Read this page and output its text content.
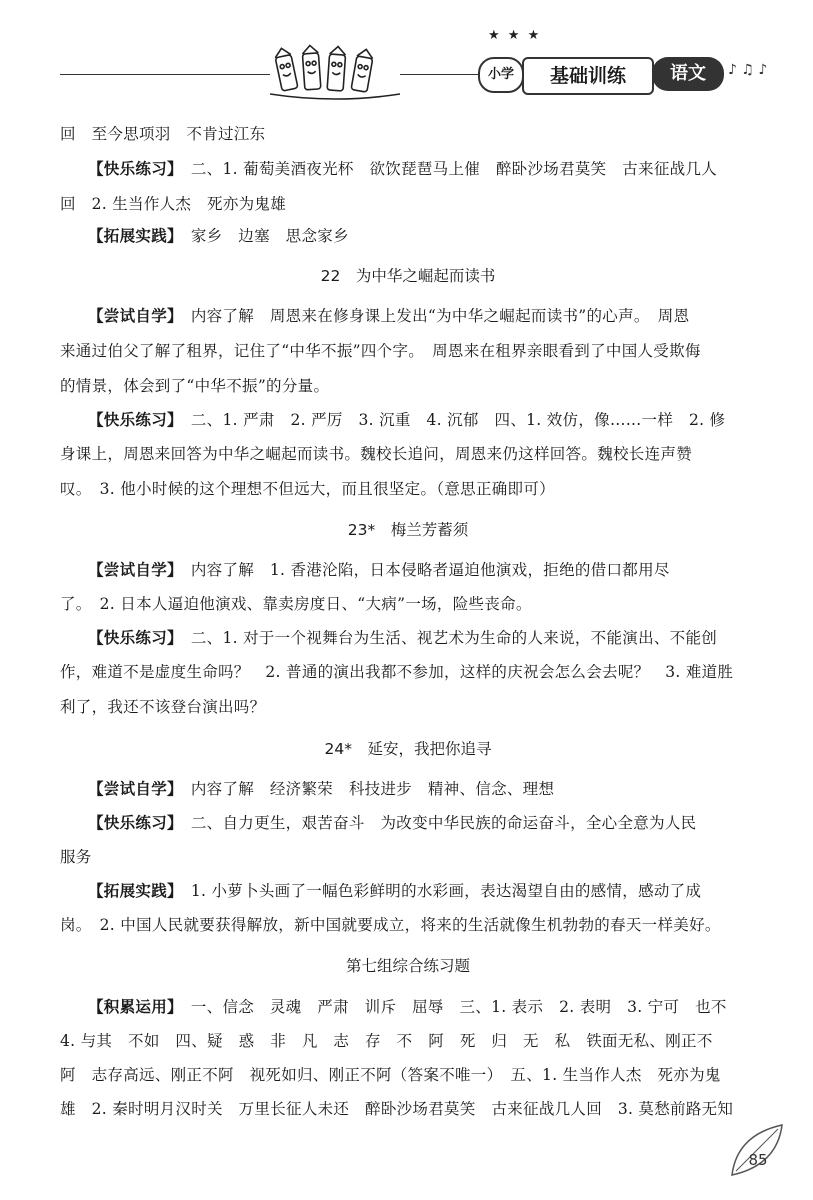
★ ★ ★
小学	基础训练	语文	♪ ♫ ♪
回　至今思项羽　不肯过江东
【快乐练习】　二、1. 葡萄美酒夜光杯　欲饮琵琶马上催　醉卧沙场君莫笑　古来征战几人
回　2. 生当作人杰　死亦为鬼雄
【拓展实践】　家乡　边塞　思念家乡
22　为中华之崛起而读书
【尝试自学】　内容了解　周恩来在修身课上发出“为中华之崛起而读书”的心声。　周恩
来通过伯父了解了租界，记住了“中华不振”四个字。　周恩来在租界亲眼看到了中国人受欺侮
的情景，体会到了“中华不振”的分量。
【快乐练习】　二、1. 严肃　2. 严厉　3. 沉重　4. 沉郁　四、1. 效仿，像……一样　2. 修
身课上，周恩来回答为中华之崛起而读书。魏校长追问，周恩来仍这样回答。魏校长连声赞
叹。　3. 他小时候的这个理想不但远大，而且很坚定。（意思正确即可）
23*　梅兰芳蓄须
【尝试自学】　内容了解　1. 香港沦陷，日本侵略者逼迫他演戏，拒绝的借口都用尽
了。　2. 日本人逼迫他演戏、靠卖房度日、“大病”一场，险些丧命。
【快乐练习】　二、1. 对于一个视舞台为生活、视艺术为生命的人来说，不能演出、不能创
作，难道不是虚度生命吗？　2. 普通的演出我都不参加，这样的庆祝会怎么会去呢？　3. 难道胜
利了，我还不该登台演出吗？
24*　延安，我把你追寻
【尝试自学】　内容了解　经济繁荣　科技进步　精神、信念、理想
【快乐练习】　二、自力更生，艰苦奋斗　为改变中华民族的命运奋斗，全心全意为人民
服务
【拓展实践】　1. 小萝卜头画了一幅色彩鲜明的水彩画，表达渴望自由的感情，感动了成
岗。　2. 中国人民就要获得解放，新中国就要成立，将来的生活就像生机勃勃的春天一样美好。
第七组综合练习题
【积累运用】　一、信念　灵魂　严肃　训斥　屈辱　三、1. 表示　2. 表明　3. 宁可　也不
4. 与其　不如　四、疑　惑　非　凡　志　存　不　阿　死　归　无　私　铁面无私、刚正不
阿　志存高远、刚正不阿　视死如归、刚正不阿（答案不唯一）　五、1. 生当作人杰　死亦为鬼
雄　2. 秦时明月汉时关　万里长征人未还　醉卧沙场君莫笑　古来征战几人回　3. 莫愁前路无知
85
